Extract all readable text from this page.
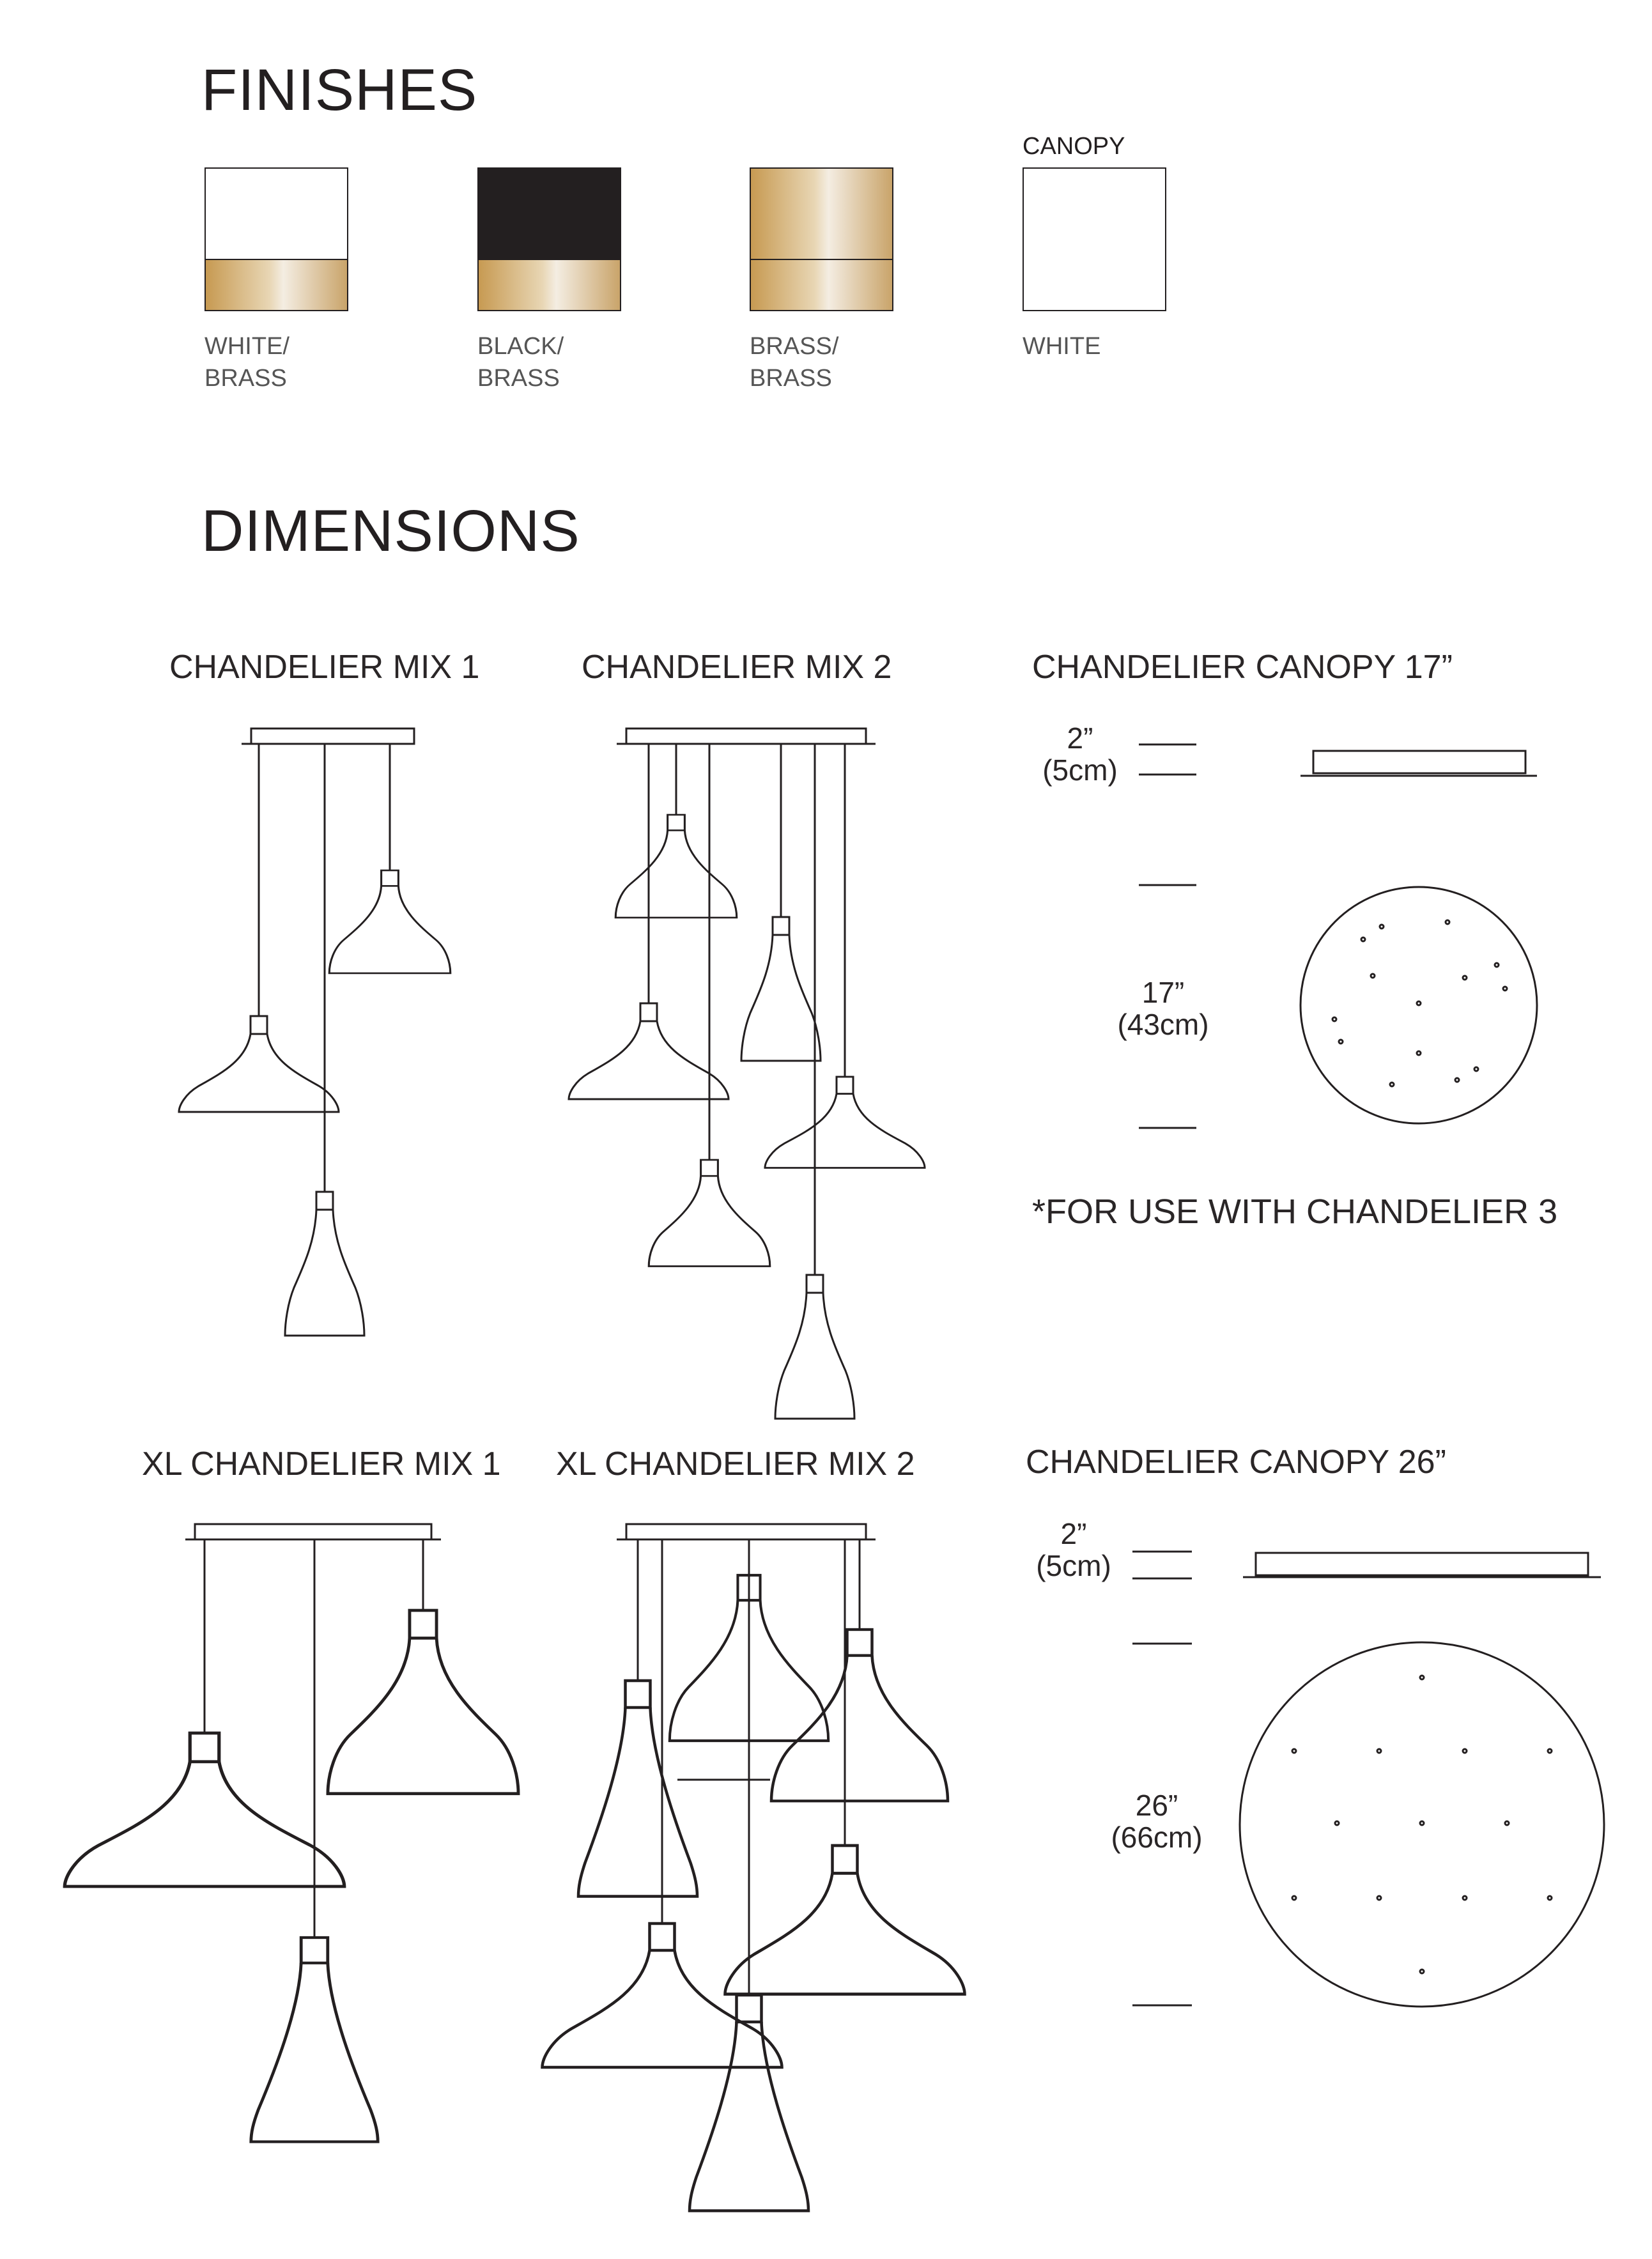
FINISHES
CANOPY
WHITE/
BRASS
BLACK/
BRASS
BRASS/
BRASS
WHITE
DIMENSIONS
CHANDELIER MIX 1	CHANDELIER MIX 2	CHANDELIER CANOPY 17”
XL CHANDELIER MIX 1 XL CHANDELIER MIX 2	CHANDELIER CANOPY 26”
2”
(5cm)
17”
(43cm)
*FOR USE WITH CHANDELIER 3
2”
(5cm)
26”
(66cm)
